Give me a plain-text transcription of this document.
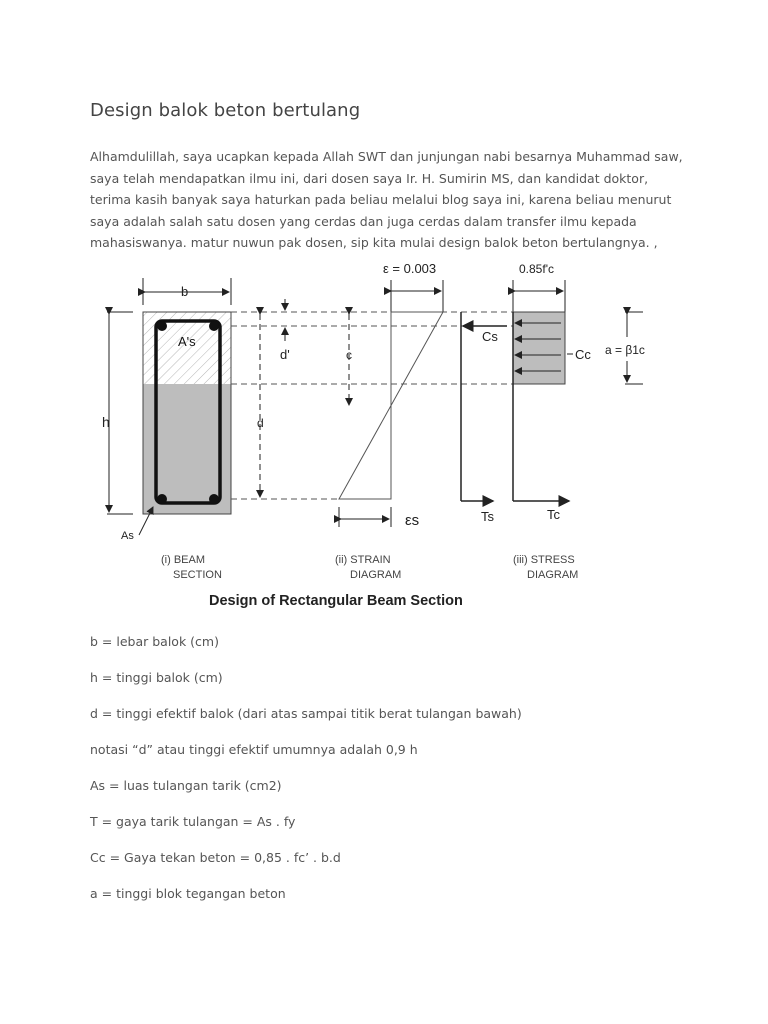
Design balok beton bertulang

Alhamdulillah, saya ucapkan kepada Allah SWT dan junjungan nabi besarnya Muhammad saw, saya telah mendapatkan ilmu ini, dari dosen saya Ir. H. Sumirin MS, dan kandidat doktor, terima kasih banyak saya haturkan pada beliau melalui blog saya ini, karena beliau menurut saya adalah salah satu dosen yang cerdas dan juga cerdas dalam transfer ilmu kepada mahasiswanya. matur nuwun pak dosen, sip kita mulai design balok beton bertulangnya. ,

b
A's
h
As
d'
d
c
ε = 0.003
εs
0.85f'c
Cs
Cc a = β1c
Ts	Tc
(i) BEAM
SECTION
(ii) STRAIN
DIAGRAM
(iii) STRESS
DIAGRAM
Design of Rectangular Beam Section
b = lebar balok (cm)
h = tinggi balok (cm)
d = tinggi efektif balok (dari atas sampai titik berat tulangan bawah)
notasi “d” atau tinggi efektif umumnya adalah 0,9 h
As = luas tulangan tarik (cm2)
T = gaya tarik tulangan = As . fy
Cc = Gaya tekan beton = 0,85 . fc’ . b.d
a = tinggi blok tegangan beton
